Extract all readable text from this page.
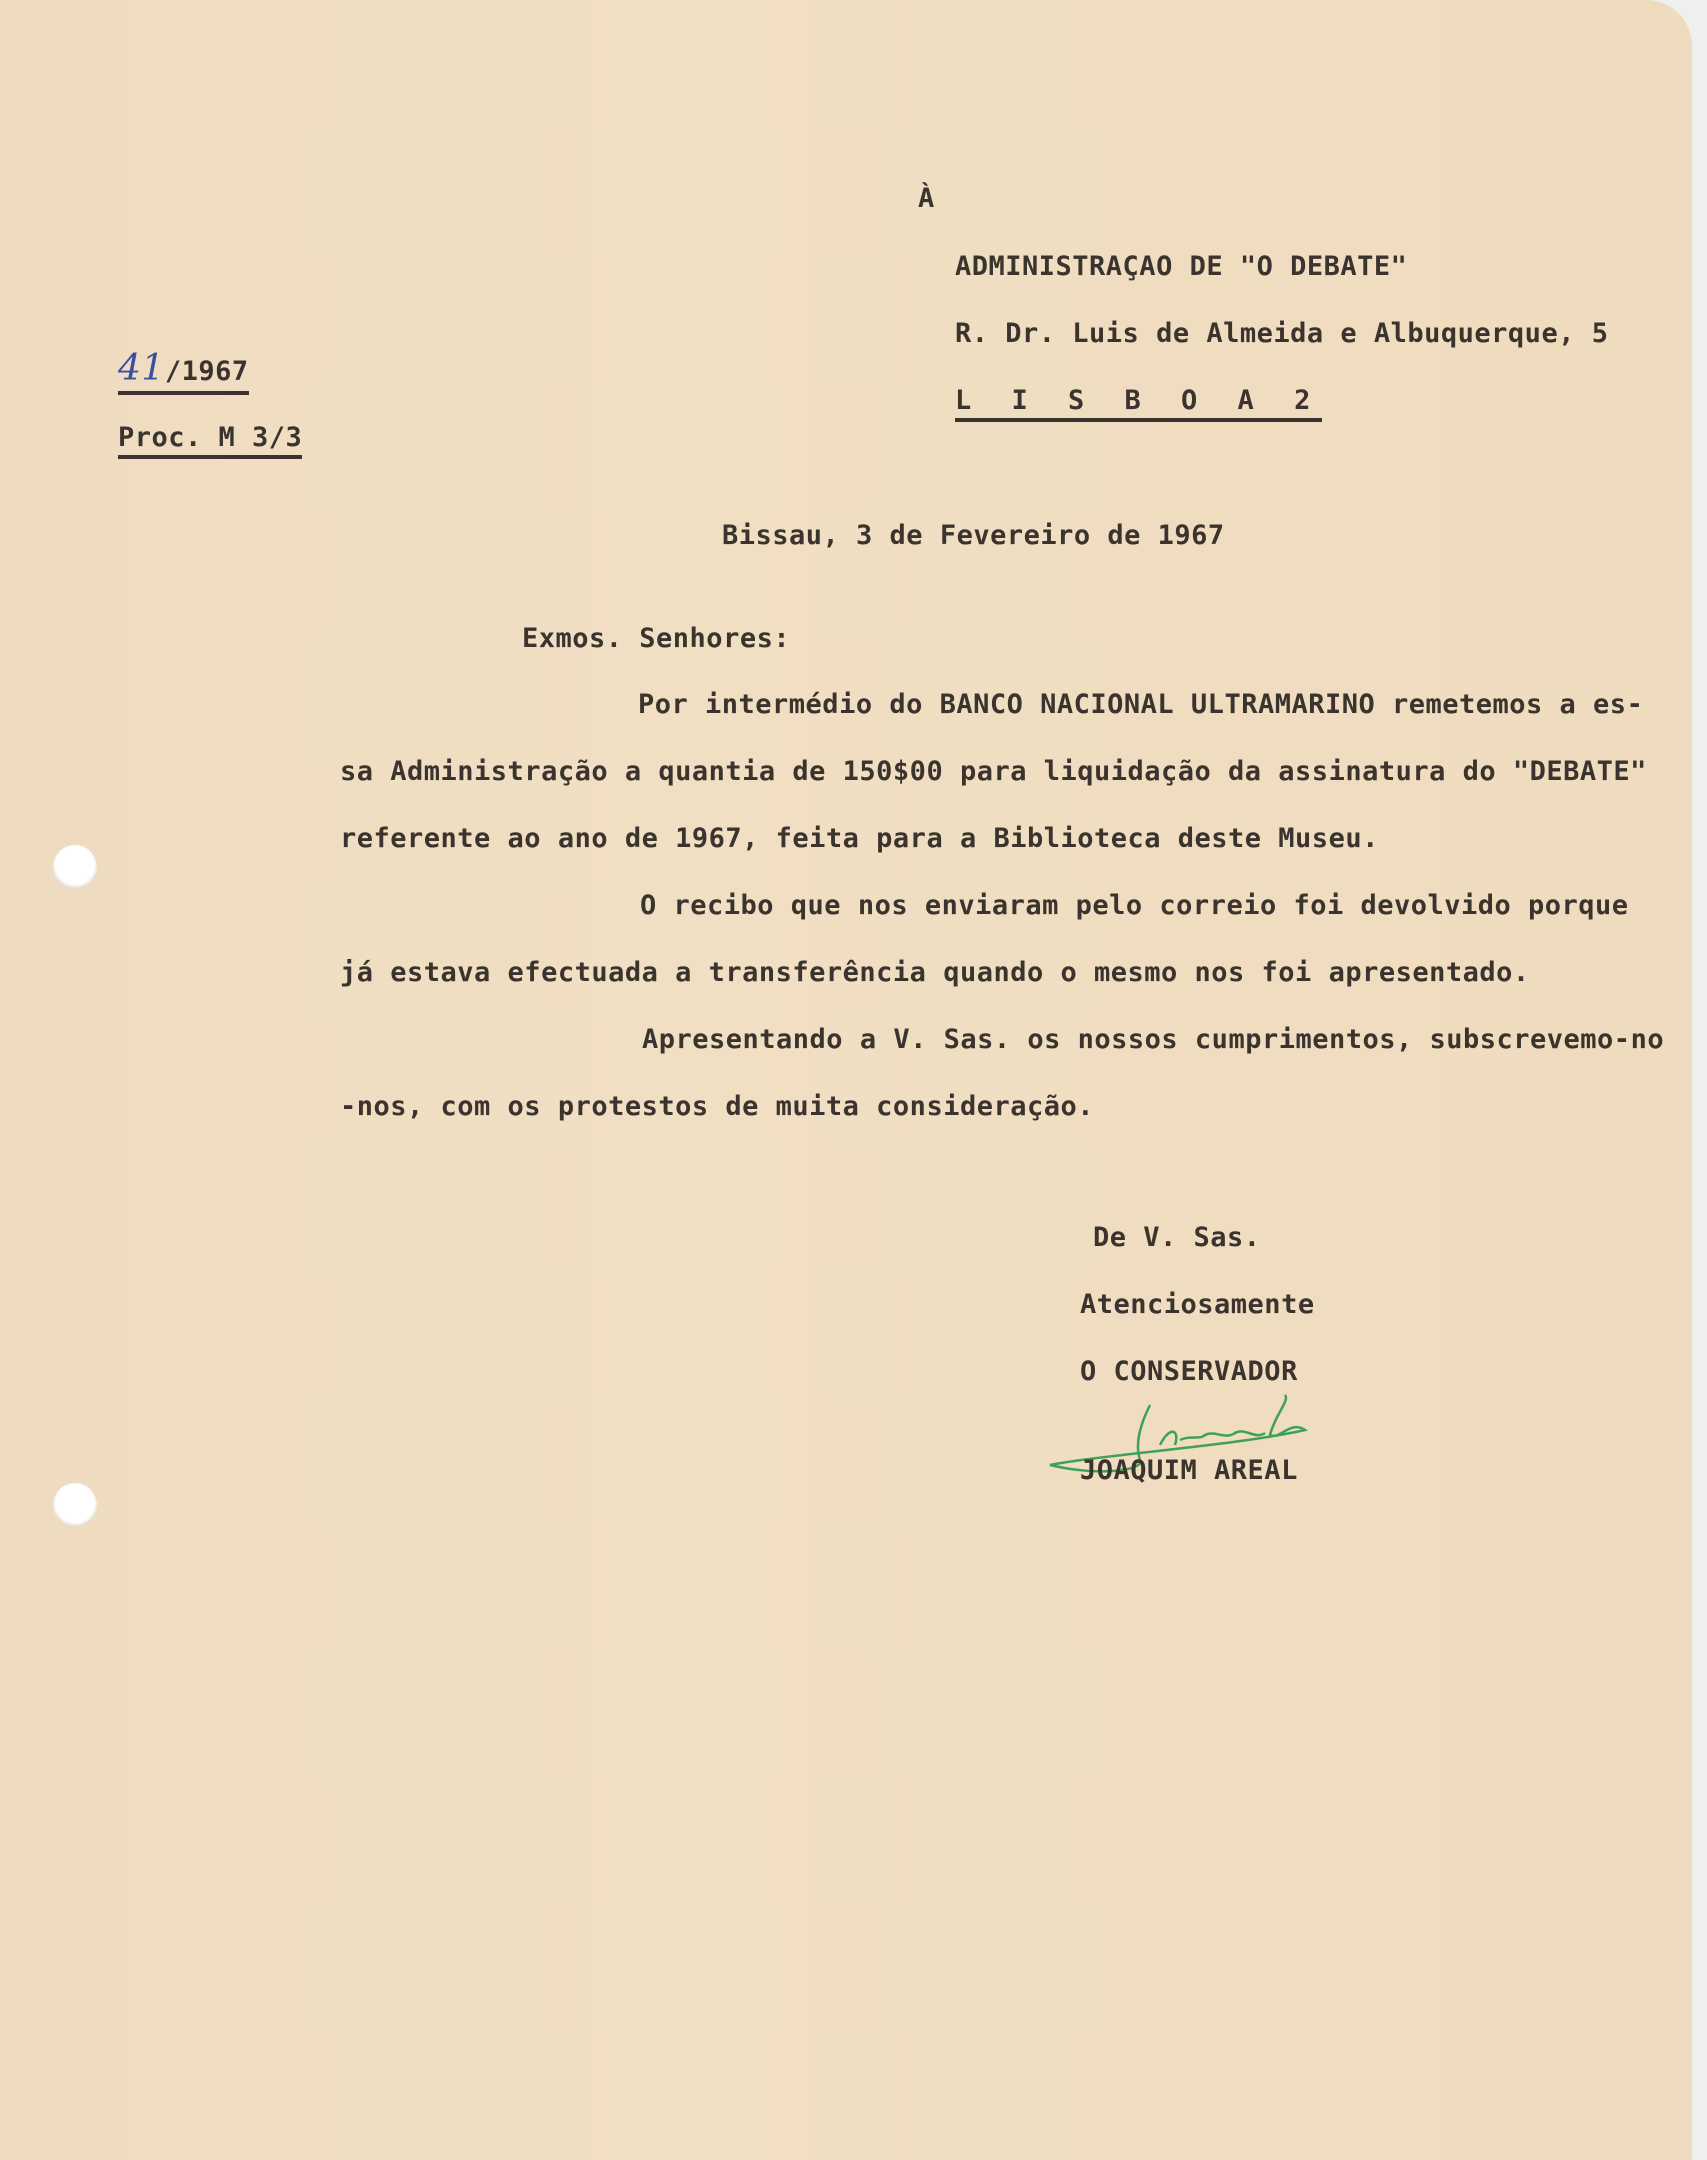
À
ADMINISTRAÇAO DE "O DEBATE"
R. Dr. Luis de Almeida e Albuquerque, 5
L I S B O A 2
41/1967
Proc. M 3/3
Bissau, 3 de Fevereiro de 1967
Exmos. Senhores:
Por intermédio do BANCO NACIONAL ULTRAMARINO remetemos a es-
sa Administração a quantia de 150$00 para liquidação da assinatura do "DEBATE"
referente ao ano de 1967, feita para a Biblioteca deste Museu.
O recibo que nos enviaram pelo correio foi devolvido porque
já estava efectuada a transferência quando o mesmo nos foi apresentado.
Apresentando a V. Sas. os nossos cumprimentos, subscrevemo-no
-nos, com os protestos de muita consideração.
De V. Sas.
Atenciosamente
O CONSERVADOR
JOAQUIM AREAL
